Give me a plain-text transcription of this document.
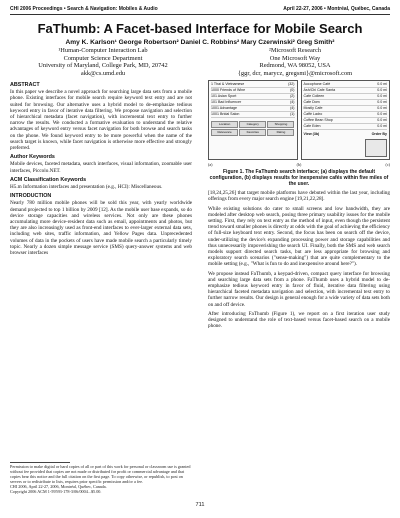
CHI 2006 Proceedings • Search & Navigation: Mobiles & Audio	April 22-27, 2006 • Montréal, Québec, Canada
FaThumb: A Facet-based Interface for Mobile Search
Amy K. Karlson¹ George Robertson² Daniel C. Robbins² Mary Czerwinski² Greg Smith²
¹Human-Computer Interaction Lab
Computer Science Department
University of Maryland, College Park, MD, 20742
akk@cs.umd.edu
²Microsoft Research
One Microsoft Way
Redmond, WA 98052, USA
{ggr, dcr, marycz, gregsmi}@microsoft.com
ABSTRACT
In this paper we describe a novel approach for searching large data sets from a mobile phone. Existing interfaces for mobile search require keyword text entry and are not suited for browsing. Our alternative uses a hybrid model to de-emphasize tedious keyword entry in favor of iterative data filtering. We propose navigation and selection of hierarchical metadata (facet navigation), with incremental text entry to further narrow the results. We conducted a formative evaluation to understand the relative advantages of keyword entry versus facet navigation for both browse and search tasks on the phone. We found keyword entry to be more powerful when the name of the search target is known, while facet navigation is otherwise more effective and strongly preferred.
Author Keywords
Mobile devices, faceted metadata, search interfaces, visual information, zoomable user interfaces, Piccolo.NET.
ACM Classification Keywords
H5.m Information interfaces and presentation (e.g., HCI): Miscellaneous.
INTRODUCTION
Nearly 780 million mobile phones will be sold this year, with yearly worldwide demand projected to top 1 billion by 2009 [12]. As the mobile user base expands, so do device storage capacities and wireless services. Not only are these phones accumulating more device-resident data such as email, appointments and photos, but they are also increasingly used as front-end interfaces to ever-larger external data sets, including web sites, traffic information, and Yellow Pages data. Unprecedented volumes of data in the pockets of users have made mobile search a particularly timely topic. Nearly a dozen simple message service (SMS) query-answer systems and web browser interfaces
Permission to make digital or hard copies of all or part of this work for personal or classroom use is granted without fee provided that copies are not made or distributed for profit or commercial advantage and that copies bear this notice and the full citation on the first page. To copy otherwise, or republish, to post on servers or to redistribute to lists, requires prior specific permission and/or a fee.
CHI 2006, April 22-27, 2006, Montréal, Québec, Canada.
Copyright 2006 ACM 1-59593-178-3/06/0004...$5.00.
1 Thai & Vietnamese	(32)
1000 Friends of Wine	(0)
101 Asian Sport	(2)
101 Bad Influencer	(4)
1001 Advantage	(4)
1001 Bridal Salon	(1)
Location	Category	Shopping
Relevance	Favorites	Rating
Aucophone Café	0.0 mi
Ash/Chi Cafe Santa	0.0 mi
Cafe Colleen	0.0 mi
Cafe Dom	0.0 mi
Mostly Cafe	0.0 mi
Caffè Ladro	0.0 mi
Coffee Bean Shop	0.0 mi
Cafe Eden	0.0 mi
View (3b)	Order By
(a)	(b)	(c)
Figure 1. The FaThumb search interface; (a) displays the default configuration, (b) displays results for inexpensive cafés within five miles of the user.
[18,24,25,26] that target mobile platforms have debuted within the last year, including offerings from every major search engine [19,21,22,28].
While existing solutions do cater to small screens and low bandwidth, they are modeled after desktop web search, posing three primary usability issues for the mobile setting. First, they rely on text entry as the method of input, even though the persistent trend toward smaller phones is directly at odds with the goal of achieving the efficiency of full-size keyboard text entry. Second, the focus has been on search off the device, under-utilizing the device's expanding processing power and storage capabilities and thus unnecessarily impoverishing the search UI. Finally, both the SMS and web search models support directed search tasks, but are less appropriate for browsing and exploratory search scenarios ("sense-making") that are quite complementary to the mobile setting (e.g., "What is fun to do and inexpensive around here?").
We propose instead FaThumb, a keypad-driven, compact query interface for browsing and searching large data sets from a phone. FaThumb uses a hybrid model to de-emphasize tedious keyword entry in favor of fluid, iterative data filtering using hierarchical faceted metadata navigation and selection, with incremental text entry to further narrow results. Our design is general enough for a wide variety of data sets both on and off device.
After introducing FaThumb (Figure 1), we report on a first iteration user study designed to understand the role of text-based versus facet-based search on a mobile phone.
711
